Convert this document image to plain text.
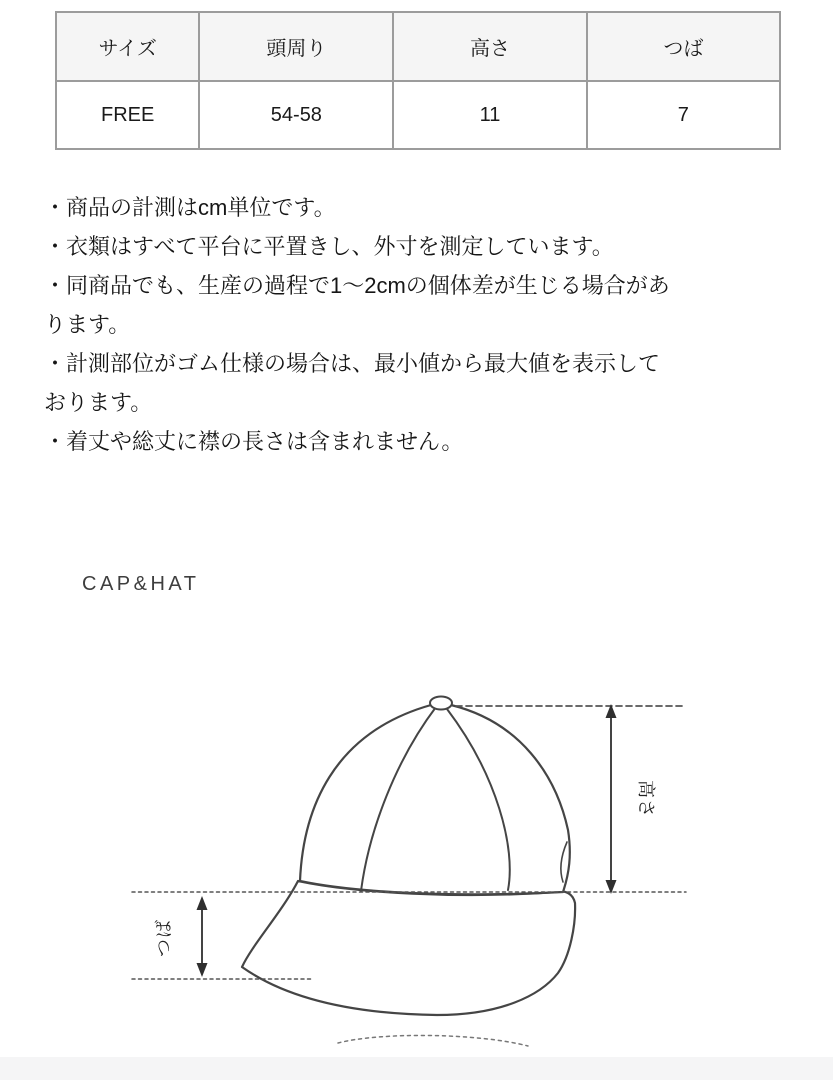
サイズ	頭周り	高さ	つば
FREE	54-58	11	7
・商品の計測はcm単位です。
・衣類はすべて平台に平置きし、外寸を測定しています。
・同商品でも、生産の過程で1〜2cmの個体差が生じる場合があ
ります。
・計測部位がゴム仕様の場合は、最小値から最大値を表示して
おります。
・着丈や総丈に襟の長さは含まれません。
CAP&HAT
高さ
つば
